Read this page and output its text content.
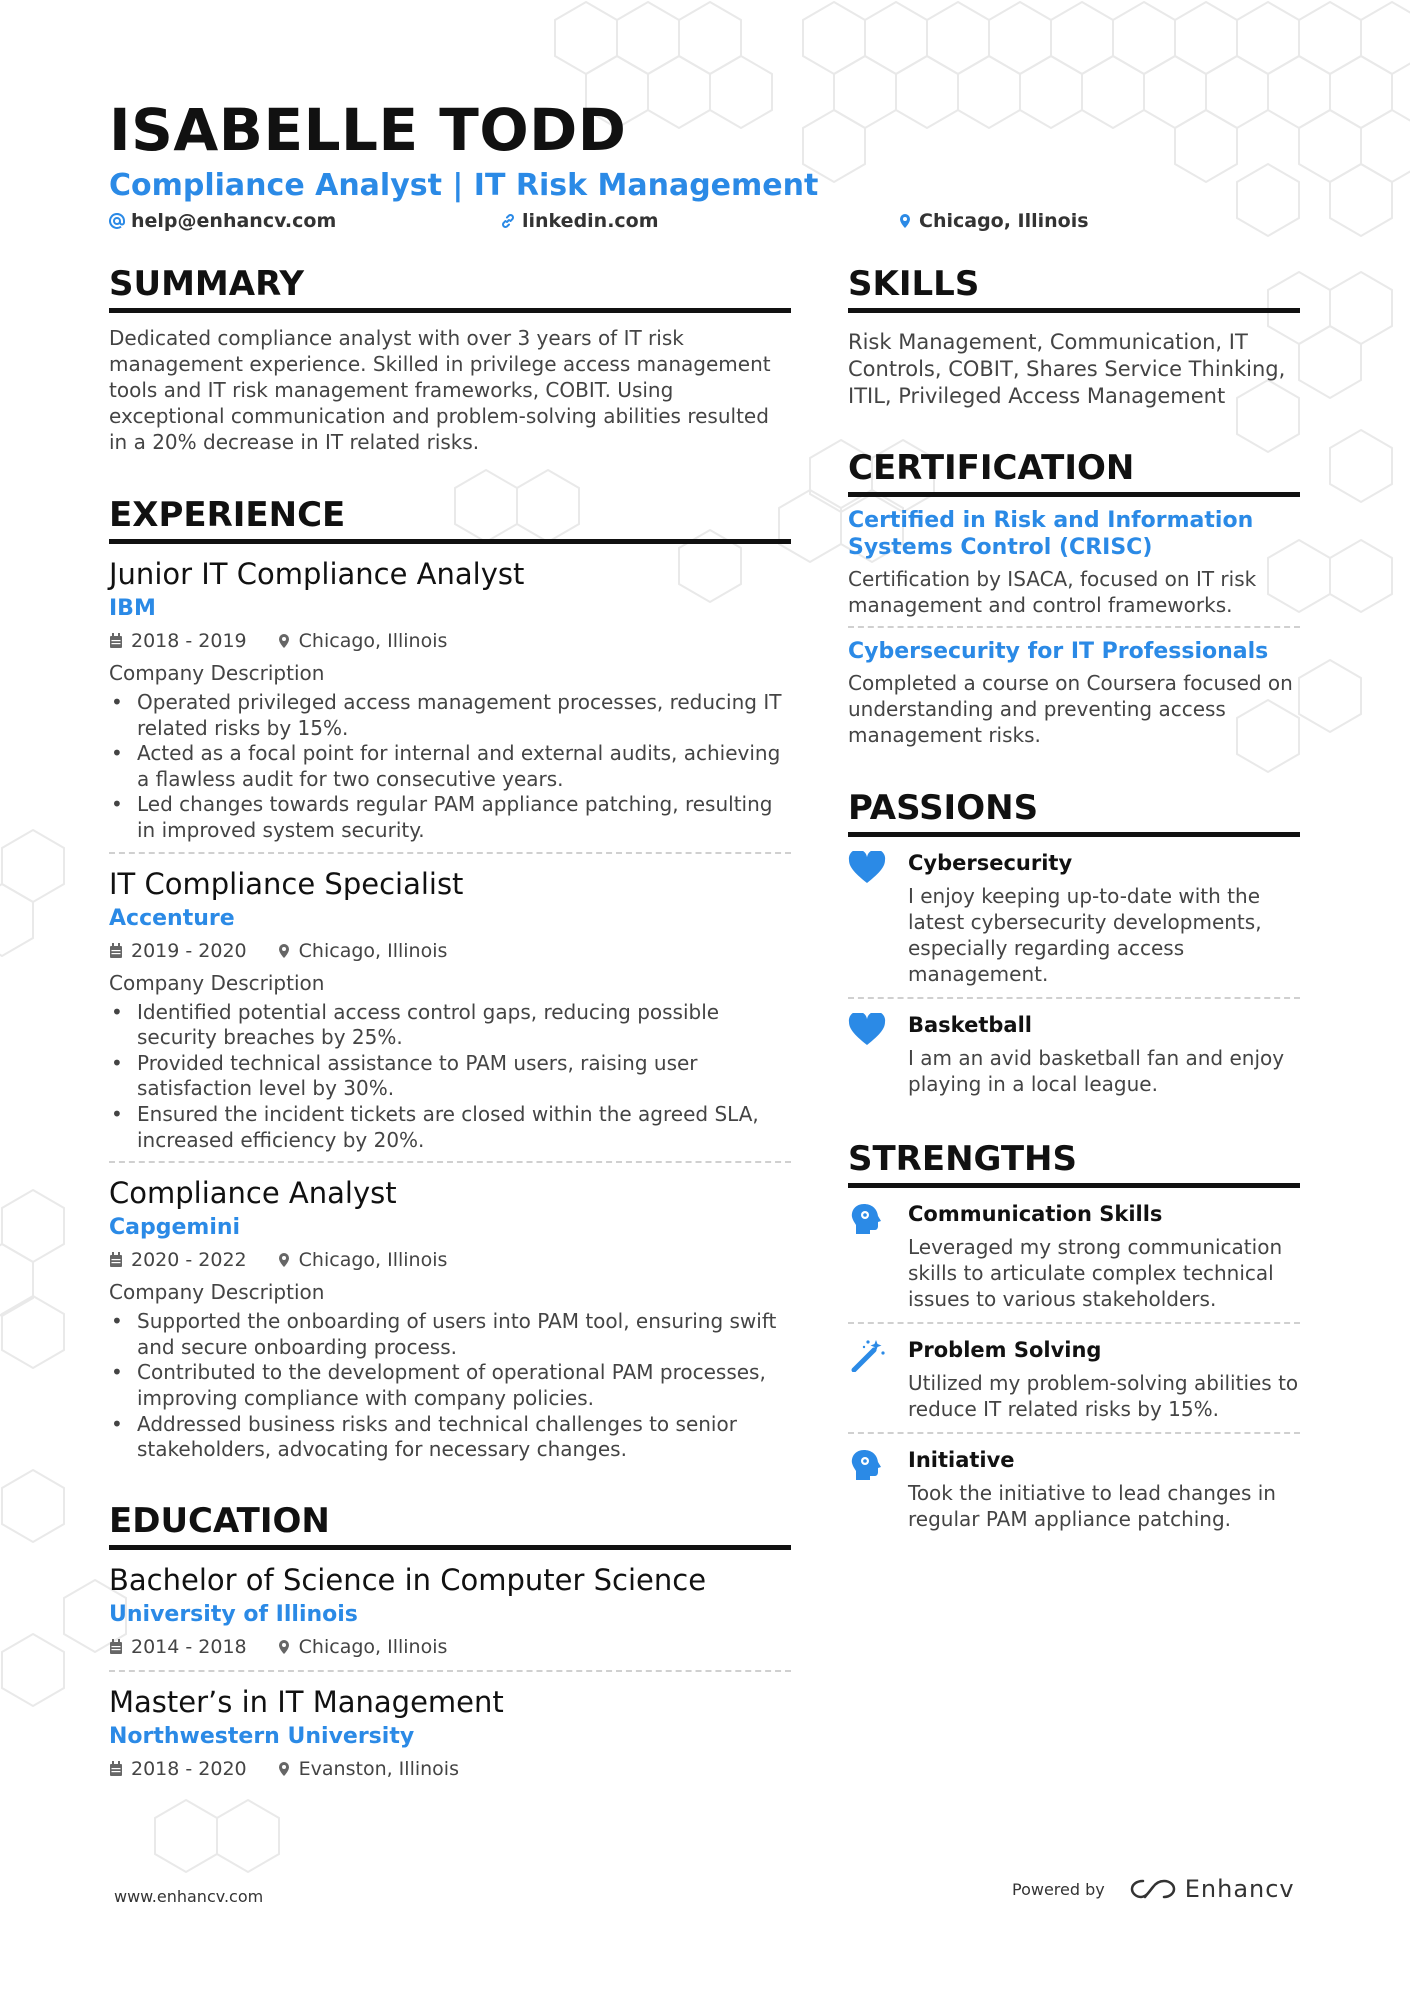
ISABELLE TODD
Compliance Analyst | IT Risk Management
help@enhancv.com	linkedin.com	Chicago, Illinois
SUMMARY
Dedicated compliance analyst with over 3 years of IT risk management experience. Skilled in privilege access management tools and IT risk management frameworks, COBIT. Using exceptional communication and problem-solving abilities resulted in a 20% decrease in IT related risks.
EXPERIENCE
Junior IT Compliance Analyst
IBM
2018 - 2019	Chicago, Illinois
Company Description
• Operated privileged access management processes, reducing IT related risks by 15%.
• Acted as a focal point for internal and external audits, achieving a flawless audit for two consecutive years.
• Led changes towards regular PAM appliance patching, resulting in improved system security.
IT Compliance Specialist
Accenture
2019 - 2020	Chicago, Illinois
Company Description
• Identified potential access control gaps, reducing possible security breaches by 25%.
• Provided technical assistance to PAM users, raising user satisfaction level by 30%.
• Ensured the incident tickets are closed within the agreed SLA, increased efficiency by 20%.
Compliance Analyst
Capgemini
2020 - 2022	Chicago, Illinois
Company Description
• Supported the onboarding of users into PAM tool, ensuring swift and secure onboarding process.
• Contributed to the development of operational PAM processes, improving compliance with company policies.
• Addressed business risks and technical challenges to senior stakeholders, advocating for necessary changes.
EDUCATION
Bachelor of Science in Computer Science
University of Illinois
2014 - 2018	Chicago, Illinois
Master’s in IT Management
Northwestern University
2018 - 2020	Evanston, Illinois
SKILLS
Risk Management, Communication, IT Controls, COBIT, Shares Service Thinking, ITIL, Privileged Access Management
CERTIFICATION
Certified in Risk and Information Systems Control (CRISC)
Certification by ISACA, focused on IT risk management and control frameworks.
Cybersecurity for IT Professionals
Completed a course on Coursera focused on understanding and preventing access management risks.
PASSIONS
Cybersecurity
I enjoy keeping up-to-date with the latest cybersecurity developments, especially regarding access management.
Basketball
I am an avid basketball fan and enjoy playing in a local league.
STRENGTHS
Communication Skills
Leveraged my strong communication skills to articulate complex technical issues to various stakeholders.
Problem Solving
Utilized my problem-solving abilities to reduce IT related risks by 15%.
Initiative
Took the initiative to lead changes in regular PAM appliance patching.
www.enhancv.com	Powered by	Enhancv
